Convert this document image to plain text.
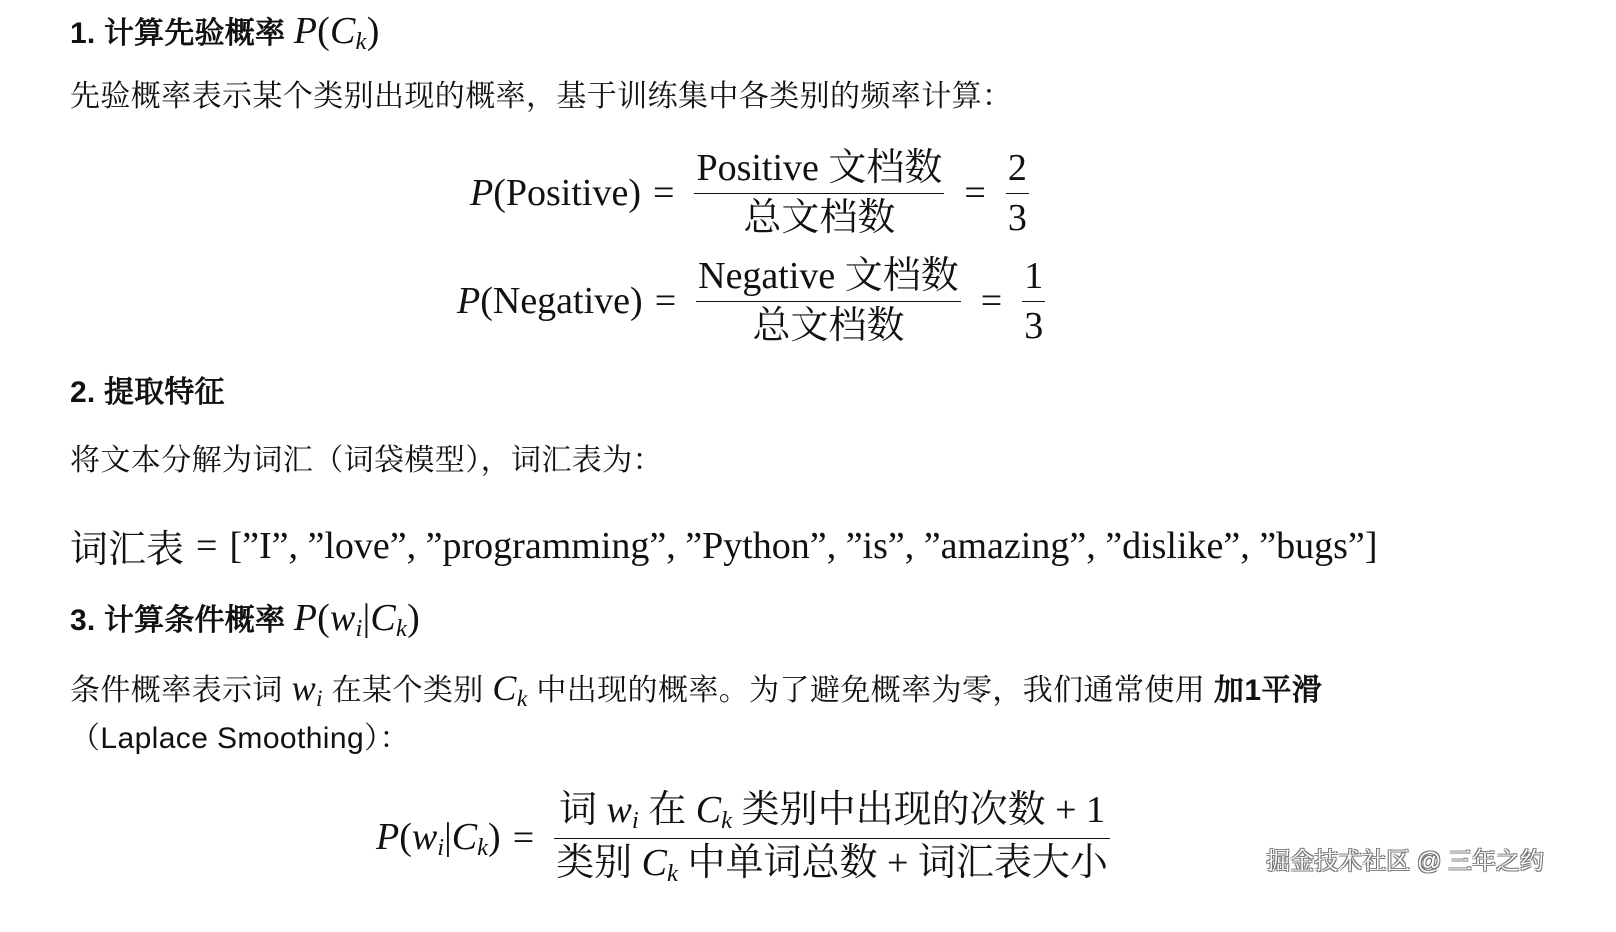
1. 计算先验概率 $P(C_k)$
先验概率表示某个类别出现的概率，基于训练集中各类别的频率计算：
P(Positive) = $\frac{\text{Positive 文档数}}{\text{总文档数}} = \frac{2}{3}$
P(Negative) = $\frac{\text{Negative 文档数}}{\text{总文档数}} = \frac{1}{3}$
2. 提取特征
将文本分解为词汇（词袋模型），词汇表为：
词汇表 = [”I”, ”love”, ”programming”, ”Python”, ”is”, ”amazing”, ”dislike”, ”bugs”]
3. 计算条件概率 $P(w_i|C_k)$
条件概率表示词 $w_i$ 在某个类别 $C_k$ 中出现的概率。为了避免概率为零，我们通常使用 加1平滑
（Laplace Smoothing）：
$P(w_i|C_k) = \frac{词 w_i 在 C_k 类别中出现的次数 + 1}{类别 C_k 中单词总数 + 词汇表大小}$	掘金技术社区 @ 三年之约
